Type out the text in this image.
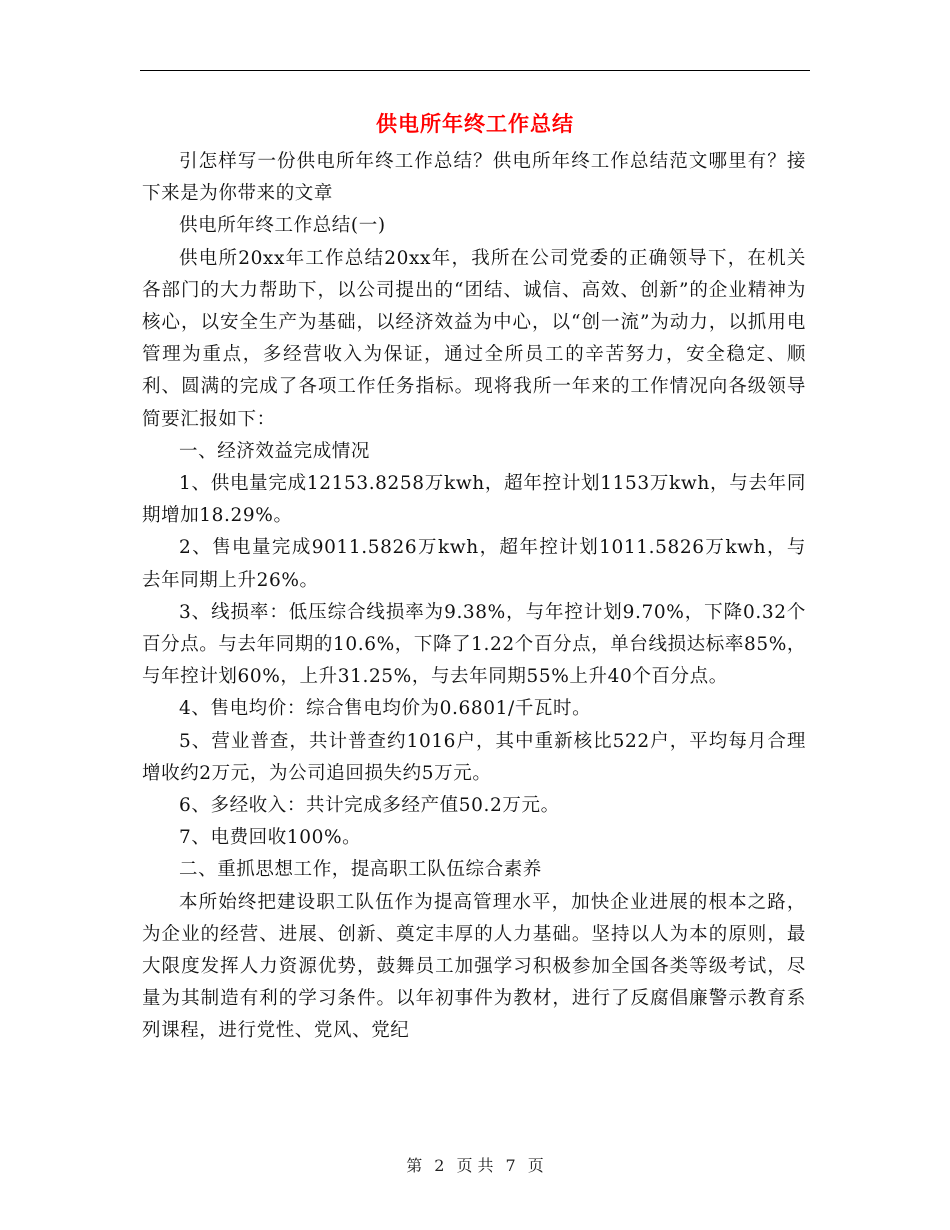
供电所年终工作总结

引怎样写一份供电所年终工作总结？供电所年终工作总结范文哪里有？接下来是为你带来的文章

供电所年终工作总结(一)

供电所20xx年工作总结20xx年，我所在公司党委的正确领导下，在机关各部门的大力帮助下，以公司提出的“团结、诚信、高效、创新”的企业精神为核心，以安全生产为基础，以经济效益为中心，以“创一流”为动力，以抓用电管理为重点，多经营收入为保证，通过全所员工的辛苦努力，安全稳定、顺利、圆满的完成了各项工作任务指标。现将我所一年来的工作情况向各级领导简要汇报如下：

一、经济效益完成情况

1、供电量完成12153.8258万kwh，超年控计划1153万kwh，与去年同期增加18.29%。

2、售电量完成9011.5826万kwh，超年控计划1011.5826万kwh，与去年同期上升26%。

3、线损率：低压综合线损率为9.38%，与年控计划9.70%，下降0.32个百分点。与去年同期的10.6%，下降了1.22个百分点，单台线损达标率85%，与年控计划60%，上升31.25%，与去年同期55%上升40个百分点。

4、售电均价：综合售电均价为0.6801/千瓦时。

5、营业普查，共计普查约1016户，其中重新核比522户，平均每月合理增收约2万元，为公司追回损失约5万元。

6、多经收入：共计完成多经产值50.2万元。

7、电费回收100%。

二、重抓思想工作，提高职工队伍综合素养

本所始终把建设职工队伍作为提高管理水平，加快企业进展的根本之路，为企业的经营、进展、创新、奠定丰厚的人力基础。坚持以人为本的原则，最大限度发挥人力资源优势，鼓舞员工加强学习积极参加全国各类等级考试，尽量为其制造有利的学习条件。以年初事件为教材，进行了反腐倡廉警示教育系列课程，进行党性、党风、党纪

第 2 页 共 7 页
